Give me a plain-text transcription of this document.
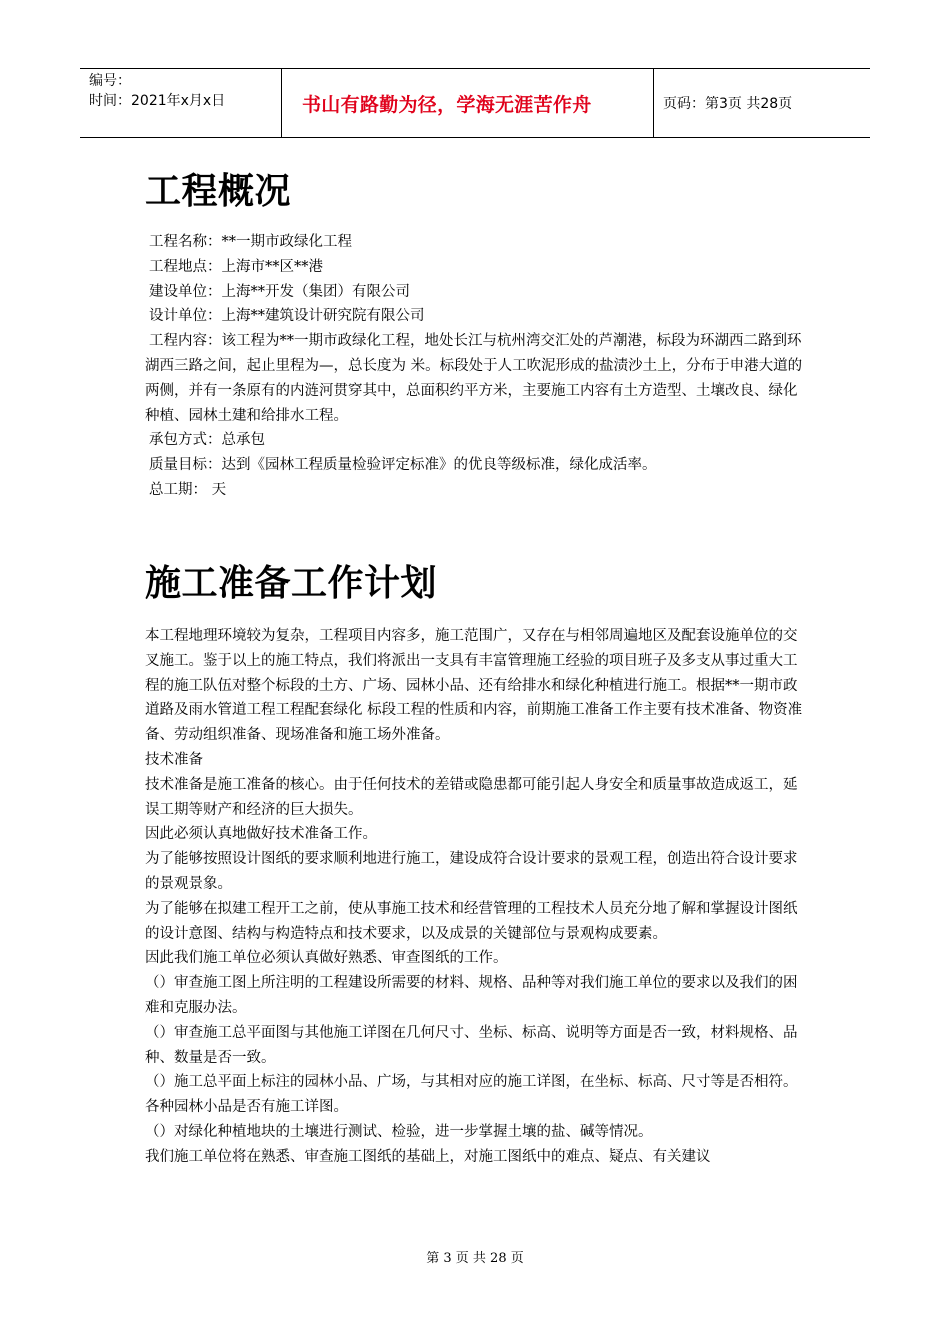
编号：
时间：2021年x月x日	书山有路勤为径，学海无涯苦作舟	页码：第3页 共28页
工程概况

工程名称：**一期市政绿化工程

工程地点：上海市**区**港

建设单位：上海**开发（集团）有限公司

设计单位：上海**建筑设计研究院有限公司

工程内容：该工程为**一期市政绿化工程，地处长江与杭州湾交汇处的芦潮港，标段为环湖西二路到环湖西三路之间，起止里程为—，总长度为 米。标段处于人工吹泥形成的盐渍沙土上，分布于申港大道的两侧，并有一条原有的内涟河贯穿其中，总面积约平方米，主要施工内容有土方造型、土壤改良、绿化种植、园林土建和给排水工程。

承包方式：总承包

质量目标：达到《园林工程质量检验评定标准》的优良等级标准，绿化成活率。

总工期： 天

施工准备工作计划

本工程地理环境较为复杂，工程项目内容多，施工范围广，又存在与相邻周遍地区及配套设施单位的交叉施工。鉴于以上的施工特点，我们将派出一支具有丰富管理施工经验的项目班子及多支从事过重大工程的施工队伍对整个标段的土方、广场、园林小品、还有给排水和绿化种植进行施工。根据**一期市政 道路及雨水管道工程工程配套绿化 标段工程的性质和内容，前期施工准备工作主要有技术准备、物资准备、劳动组织准备、现场准备和施工场外准备。

技术准备

技术准备是施工准备的核心。由于任何技术的差错或隐患都可能引起人身安全和质量事故造成返工，延误工期等财产和经济的巨大损失。

因此必须认真地做好技术准备工作。

为了能够按照设计图纸的要求顺利地进行施工，建设成符合设计要求的景观工程，创造出符合设计要求的景观景象。

为了能够在拟建工程开工之前，使从事施工技术和经营管理的工程技术人员充分地了解和掌握设计图纸的设计意图、结构与构造特点和技术要求，以及成景的关键部位与景观构成要素。

因此我们施工单位必须认真做好熟悉、审查图纸的工作。

（）审查施工图上所注明的工程建设所需要的材料、规格、品种等对我们施工单位的要求以及我们的困难和克服办法。

（）审查施工总平面图与其他施工详图在几何尺寸、坐标、标高、说明等方面是否一致，材料规格、品种、数量是否一致。

（）施工总平面上标注的园林小品、广场，与其相对应的施工详图，在坐标、标高、尺寸等是否相符。各种园林小品是否有施工详图。

（）对绿化种植地块的土壤进行测试、检验，进一步掌握土壤的盐、碱等情况。

我们施工单位将在熟悉、审查施工图纸的基础上，对施工图纸中的难点、疑点、有关建议

第 3 页 共 28 页
